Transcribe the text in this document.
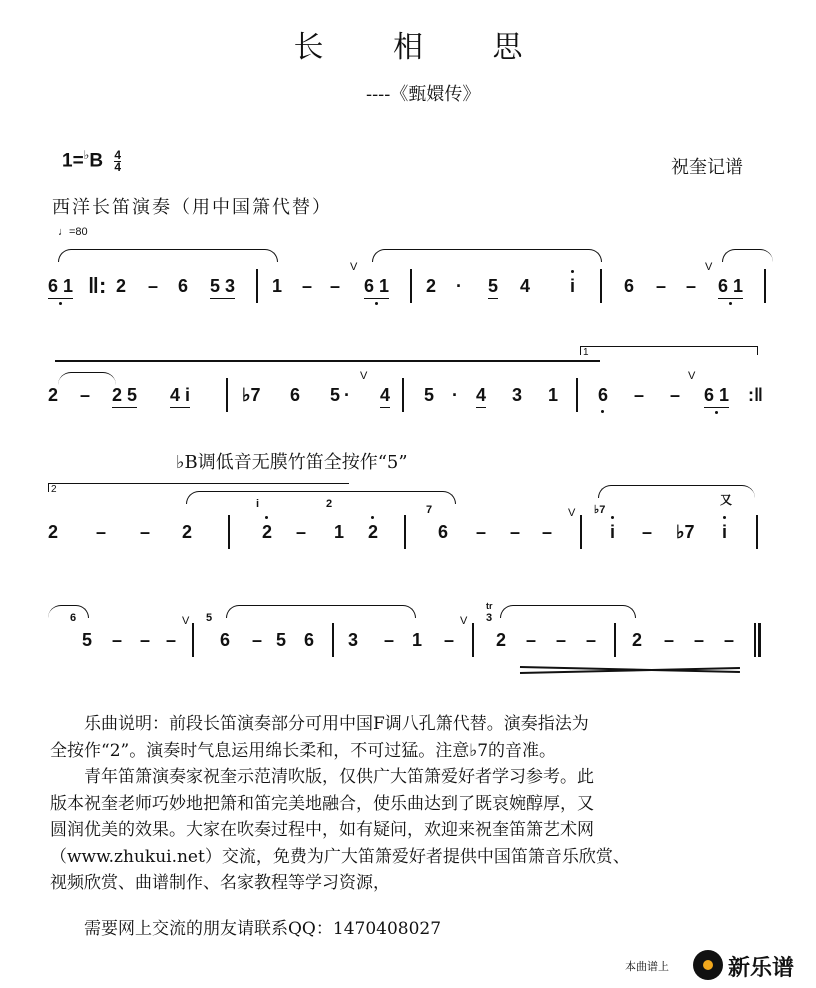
长 相 思
----《甄嬛传》
$1=^♭B \frac{4}{4}$	祝奎记谱
西洋长笛演奏（用中国箫代替）
♩=80
6 1 ‖: 2 – 6 5 3 1 – –
V
6 1 2 · 5 4 i	6 – –
V
6 1
1
2 – 2 5 4 i	♭7 6 5 ·
V
4 5 · 4 3 1 6 – –
V
6 1 :‖
♭B调低音无膜竹笛全按作“5”
2
2 – – 2
i
2 –
2
1 2
7
6 – – –
V ♭7
i – ♭7
又
i
6
5 – – –
V 5
6 – 5 6 3 – 1 –
V
tr
3
2 – – – 2 – – –
乐曲说明：前段长笛演奏部分可用中国F调八孔箫代替。演奏指法为
全按作“2”。演奏时气息运用绵长柔和，不可过猛。注意♭7的音准。
青年笛箫演奏家祝奎示范清吹版，仅供广大笛箫爱好者学习参考。此
版本祝奎老师巧妙地把箫和笛完美地融合，使乐曲达到了既哀婉醇厚，又
圆润优美的效果。大家在吹奏过程中，如有疑问，欢迎来祝奎笛箫艺术网
（www.zhukui.net）交流，免费为广大笛箫爱好者提供中国笛箫音乐欣赏、
视频欣赏、曲谱制作、名家教程等学习资源，
需要网上交流的朋友请联系QQ：1470408027
本曲谱上	新乐谱
